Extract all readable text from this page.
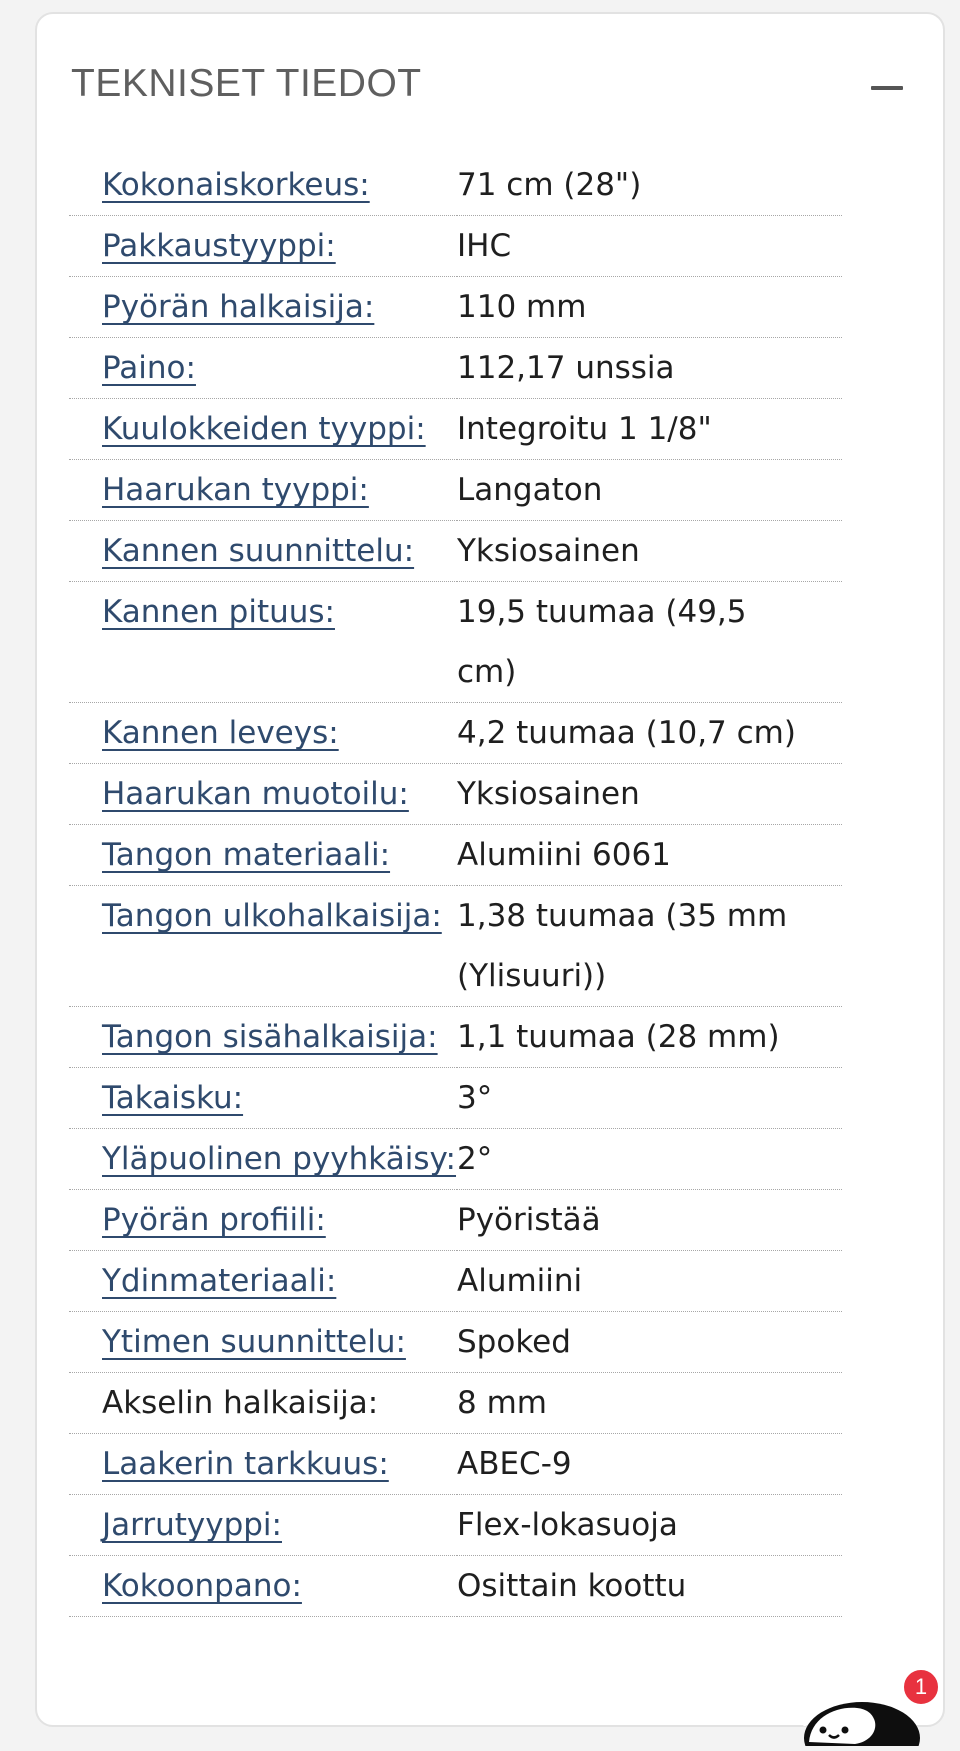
TEKNISET TIEDOT
Kokonaiskorkeus:	71 cm (28")
Pakkaustyyppi:	IHC
Pyörän halkaisija:	110 mm
Paino:	112,17 unssia
Kuulokkeiden tyyppi:	Integroitu 1 1/8"
Haarukan tyyppi:	Langaton
Kannen suunnittelu:	Yksiosainen
Kannen pituus:	19,5 tuumaa (49,5 cm)
Kannen leveys:	4,2 tuumaa (10,7 cm)
Haarukan muotoilu:	Yksiosainen
Tangon materiaali:	Alumiini 6061
Tangon ulkohalkaisija:	1,38 tuumaa (35 mm (Ylisuuri))
Tangon sisähalkaisija:	1,1 tuumaa (28 mm)
Takaisku:	3°
Yläpuolinen pyyhkäisy:	2°
Pyörän profiili:	Pyöristää
Ydinmateriaali:	Alumiini
Ytimen suunnittelu:	Spoked
Akselin halkaisija:	8 mm
Laakerin tarkkuus:	ABEC-9
Jarrutyyppi:	Flex-lokasuoja
Kokoonpano:	Osittain koottu
1
